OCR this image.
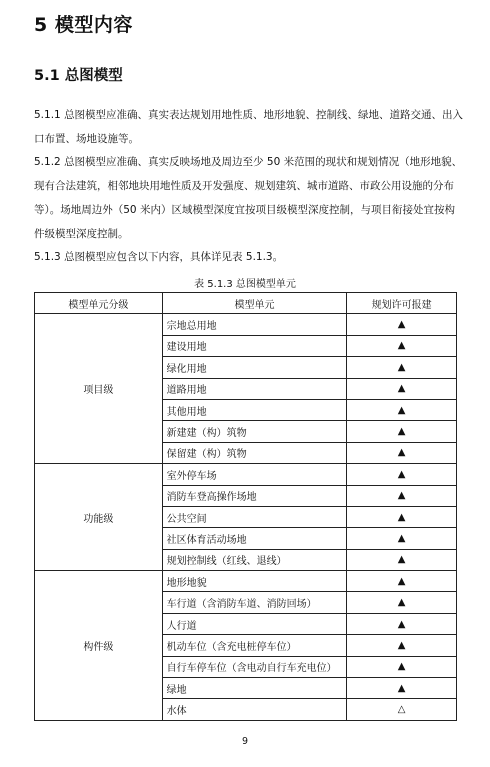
5 模型内容
5.1 总图模型

5.1.1 总图模型应准确、真实表达规划用地性质、地形地貌、控制线、绿地、道路交通、出入口布置、场地设施等。

5.1.2 总图模型应准确、真实反映场地及周边至少 50 米范围的现状和规划情况（地形地貌、现有合法建筑，相邻地块用地性质及开发强度、规划建筑、城市道路、市政公用设施的分布等）。场地周边外（50 米内）区域模型深度宜按项目级模型深度控制，与项目衔接处宜按构件级模型深度控制。

5.1.3 总图模型应包含以下内容，具体详见表 5.1.3。

表 5.1.3 总图模型单元
模型单元分级	模型单元	规划许可报建
项目级	宗地总用地	▲
	建设用地	▲
	绿化用地	▲
	道路用地	▲
	其他用地	▲
	新建建（构）筑物	▲
	保留建（构）筑物	▲
功能级	室外停车场	▲
	消防车登高操作场地	▲
	公共空间	▲
	社区体育活动场地	▲
	规划控制线（红线、退线）	▲
构件级	地形地貌	▲
	车行道（含消防车道、消防回场）	▲
	人行道	▲
	机动车位（含充电桩停车位）	▲
	自行车停车位（含电动自行车充电位）	▲
	绿地	▲
	水体	△
9
